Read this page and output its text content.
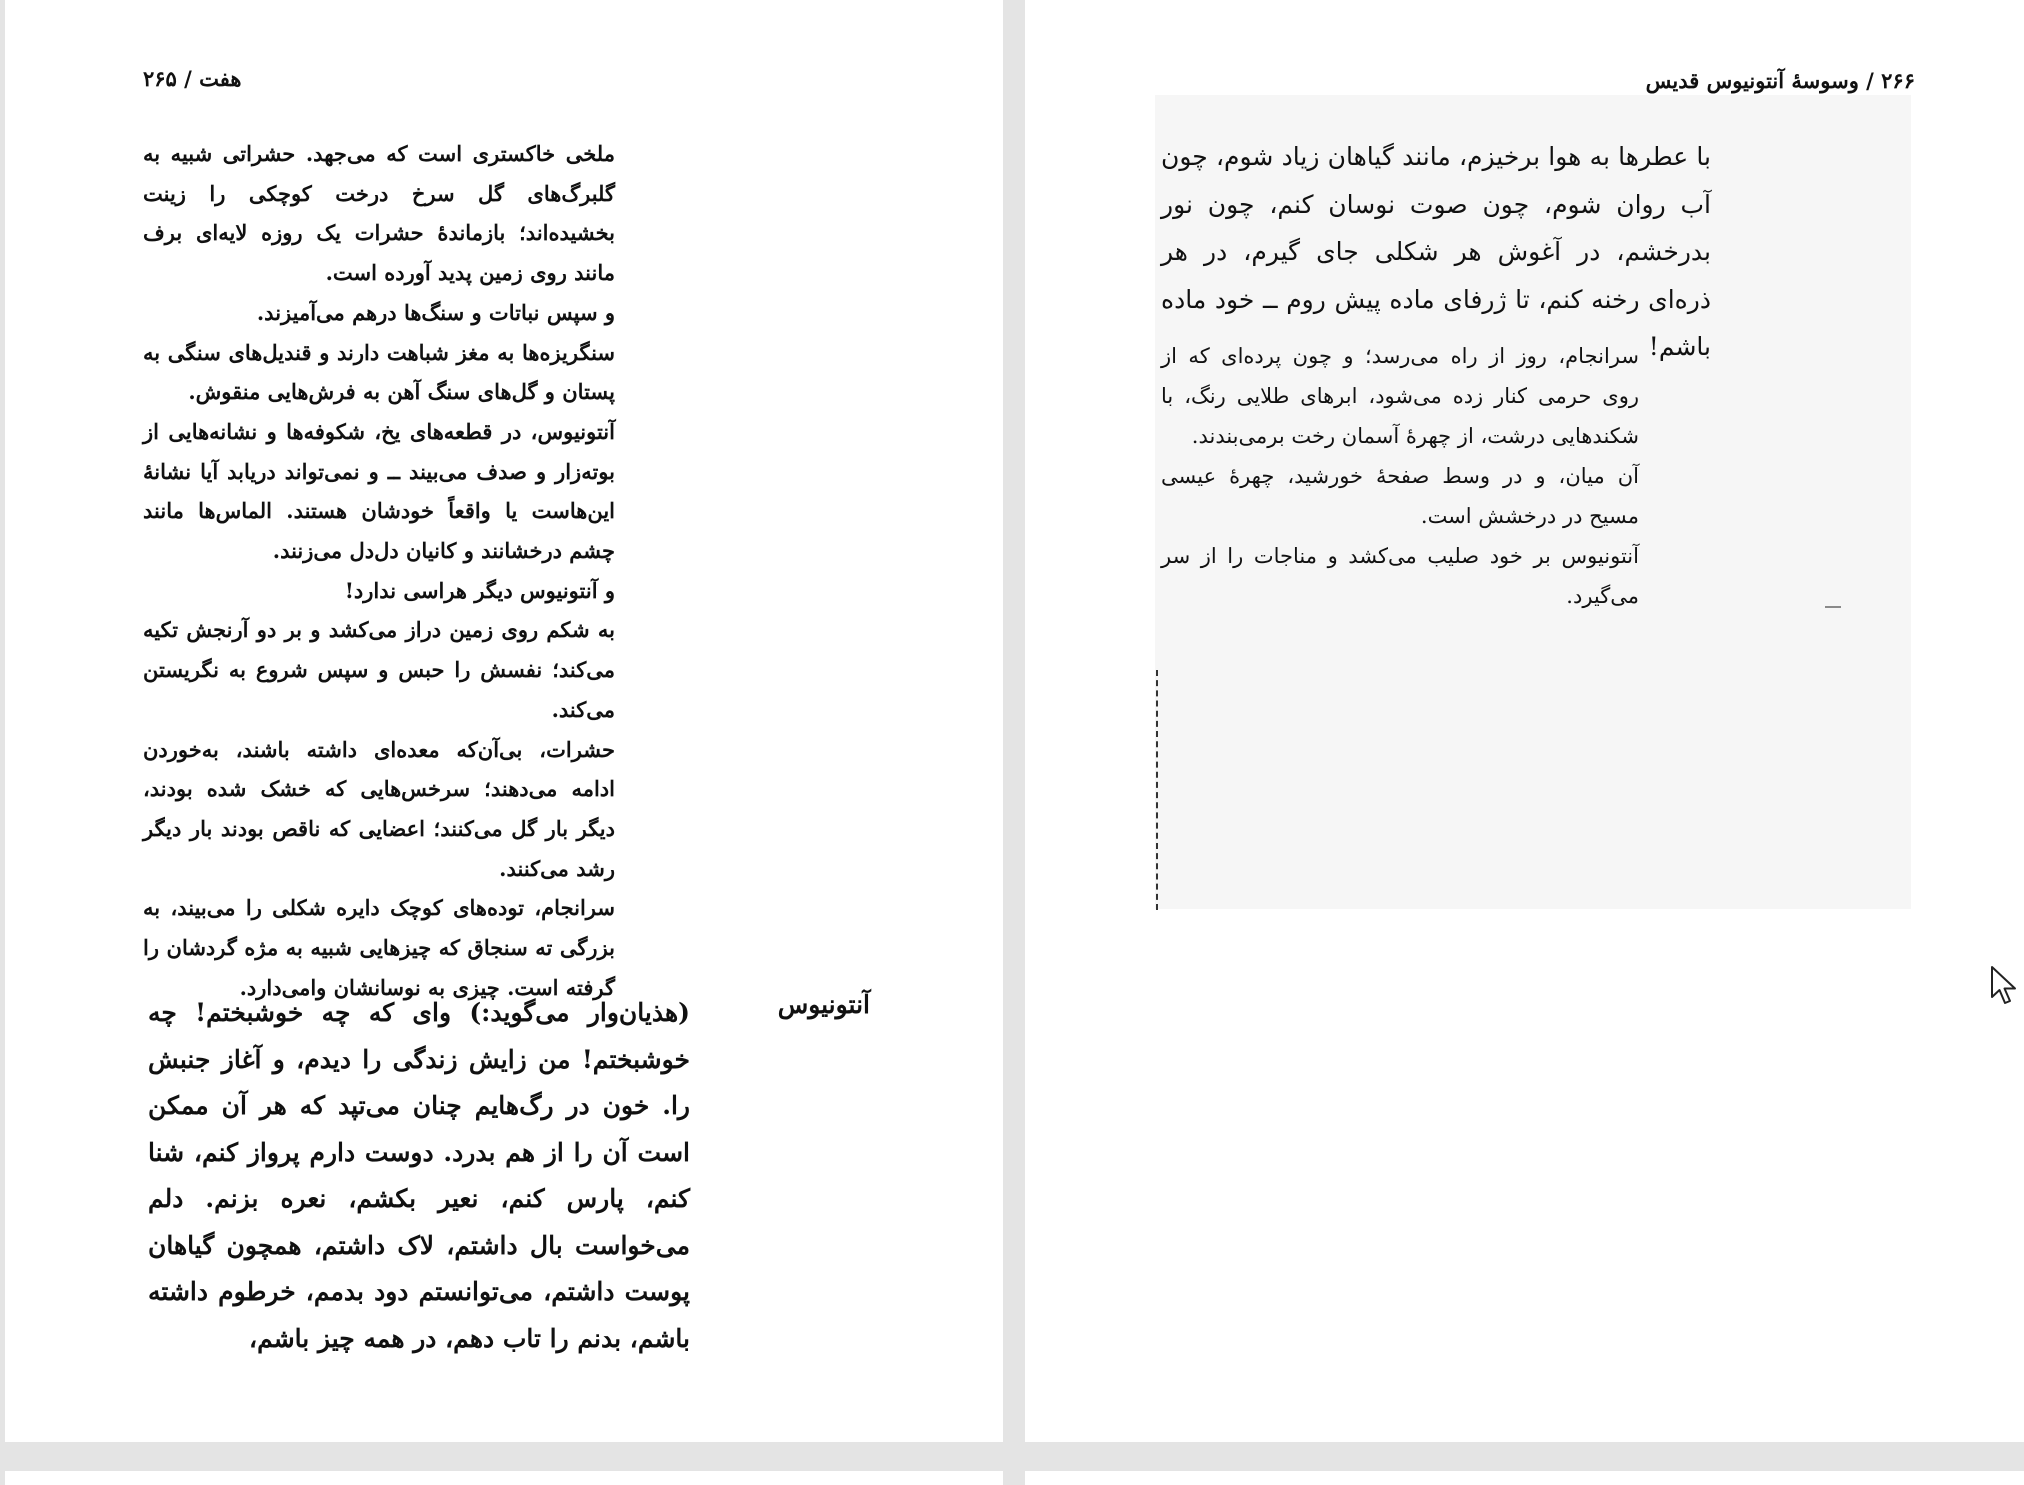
هفت / ۲۶۵

ملخی خاکستری است که می‌جهد. حشراتی شبیه به گلبرگ‌های گل سرخ درخت کوچکی را زینت بخشیده‌اند؛ بازماندهٔ حشرات یک روزه لایه‌ای برف مانند روی زمین پدید آورده است.

و سپس نباتات و سنگ‌ها درهم می‌آمیزند.

سنگریزه‌ها به مغز شباهت دارند و قندیل‌های سنگی به پستان و گل‌های سنگ آهن به فرش‌هایی منقوش.

آنتونیوس، در قطعه‌های یخ، شکوفه‌ها و نشانه‌هایی از بوته‌زار و صدف می‌بیند ــ و نمی‌تواند دریابد آیا نشانهٔ این‌هاست یا واقعاً خودشان هستند. الماس‌ها مانند چشم درخشانند و کانیان دل‌دل می‌زنند.

و آنتونیوس دیگر هراسی ندارد!

به شکم روی زمین دراز می‌کشد و بر دو آرنجش تکیه می‌کند؛ نفسش را حبس و سپس شروع به نگریستن می‌کند.

حشرات، بی‌آن‌که معده‌ای داشته باشند، به‌خوردن ادامه می‌دهند؛ سرخس‌هایی که خشک شده بودند، دیگر بار گل می‌کنند؛ اعضایی که ناقص بودند بار دیگر رشد می‌کنند.

سرانجام، توده‌های کوچک دایره شکلی را می‌بیند، به بزرگی ته سنجاق که چیزهایی شبیه به مژه گردشان را گرفته است. چیزی به نوسانشان وامی‌دارد.

آنتونیوس

(هذیان‌وار می‌گوید:) وای که چه خوشبختم! چه خوشبختم! من زایش زندگی را دیدم، و آغاز جنبش را. خون در رگ‌هایم چنان می‌تپد که هر آن ممکن است آن را از هم بدرد. دوست دارم پرواز کنم، شنا کنم، پارس کنم، نعیر بکشم، نعره بزنم. دلم می‌خواست بال داشتم، لاک داشتم، همچون گیاهان پوست داشتم، می‌توانستم دود بدمم، خرطوم داشته باشم، بدنم را تاب دهم، در همه چیز باشم،

۲۶۶ / وسوسهٔ آنتونیوس قدیس

با عطرها به هوا برخیزم، مانند گیاهان زیاد شوم، چون آب روان شوم، چون صوت نوسان کنم، چون نور بدرخشم، در آغوش هر شکلی جای گیرم، در هر ذره‌ای رخنه کنم، تا ژرفای ماده پیش روم ــ خود ماده باشم!

سرانجام، روز از راه می‌رسد؛ و چون پرده‌ای که از روی حرمی کنار زده می‌شود، ابرهای طلایی رنگ، با شکندهایی درشت، از چهرهٔ آسمان رخت برمی‌بندند.

آن میان، و در وسط صفحهٔ خورشید، چهرهٔ عیسی مسیح در درخشش است.

آنتونیوس بر خود صلیب می‌کشد و مناجات را از سر می‌گیرد.
